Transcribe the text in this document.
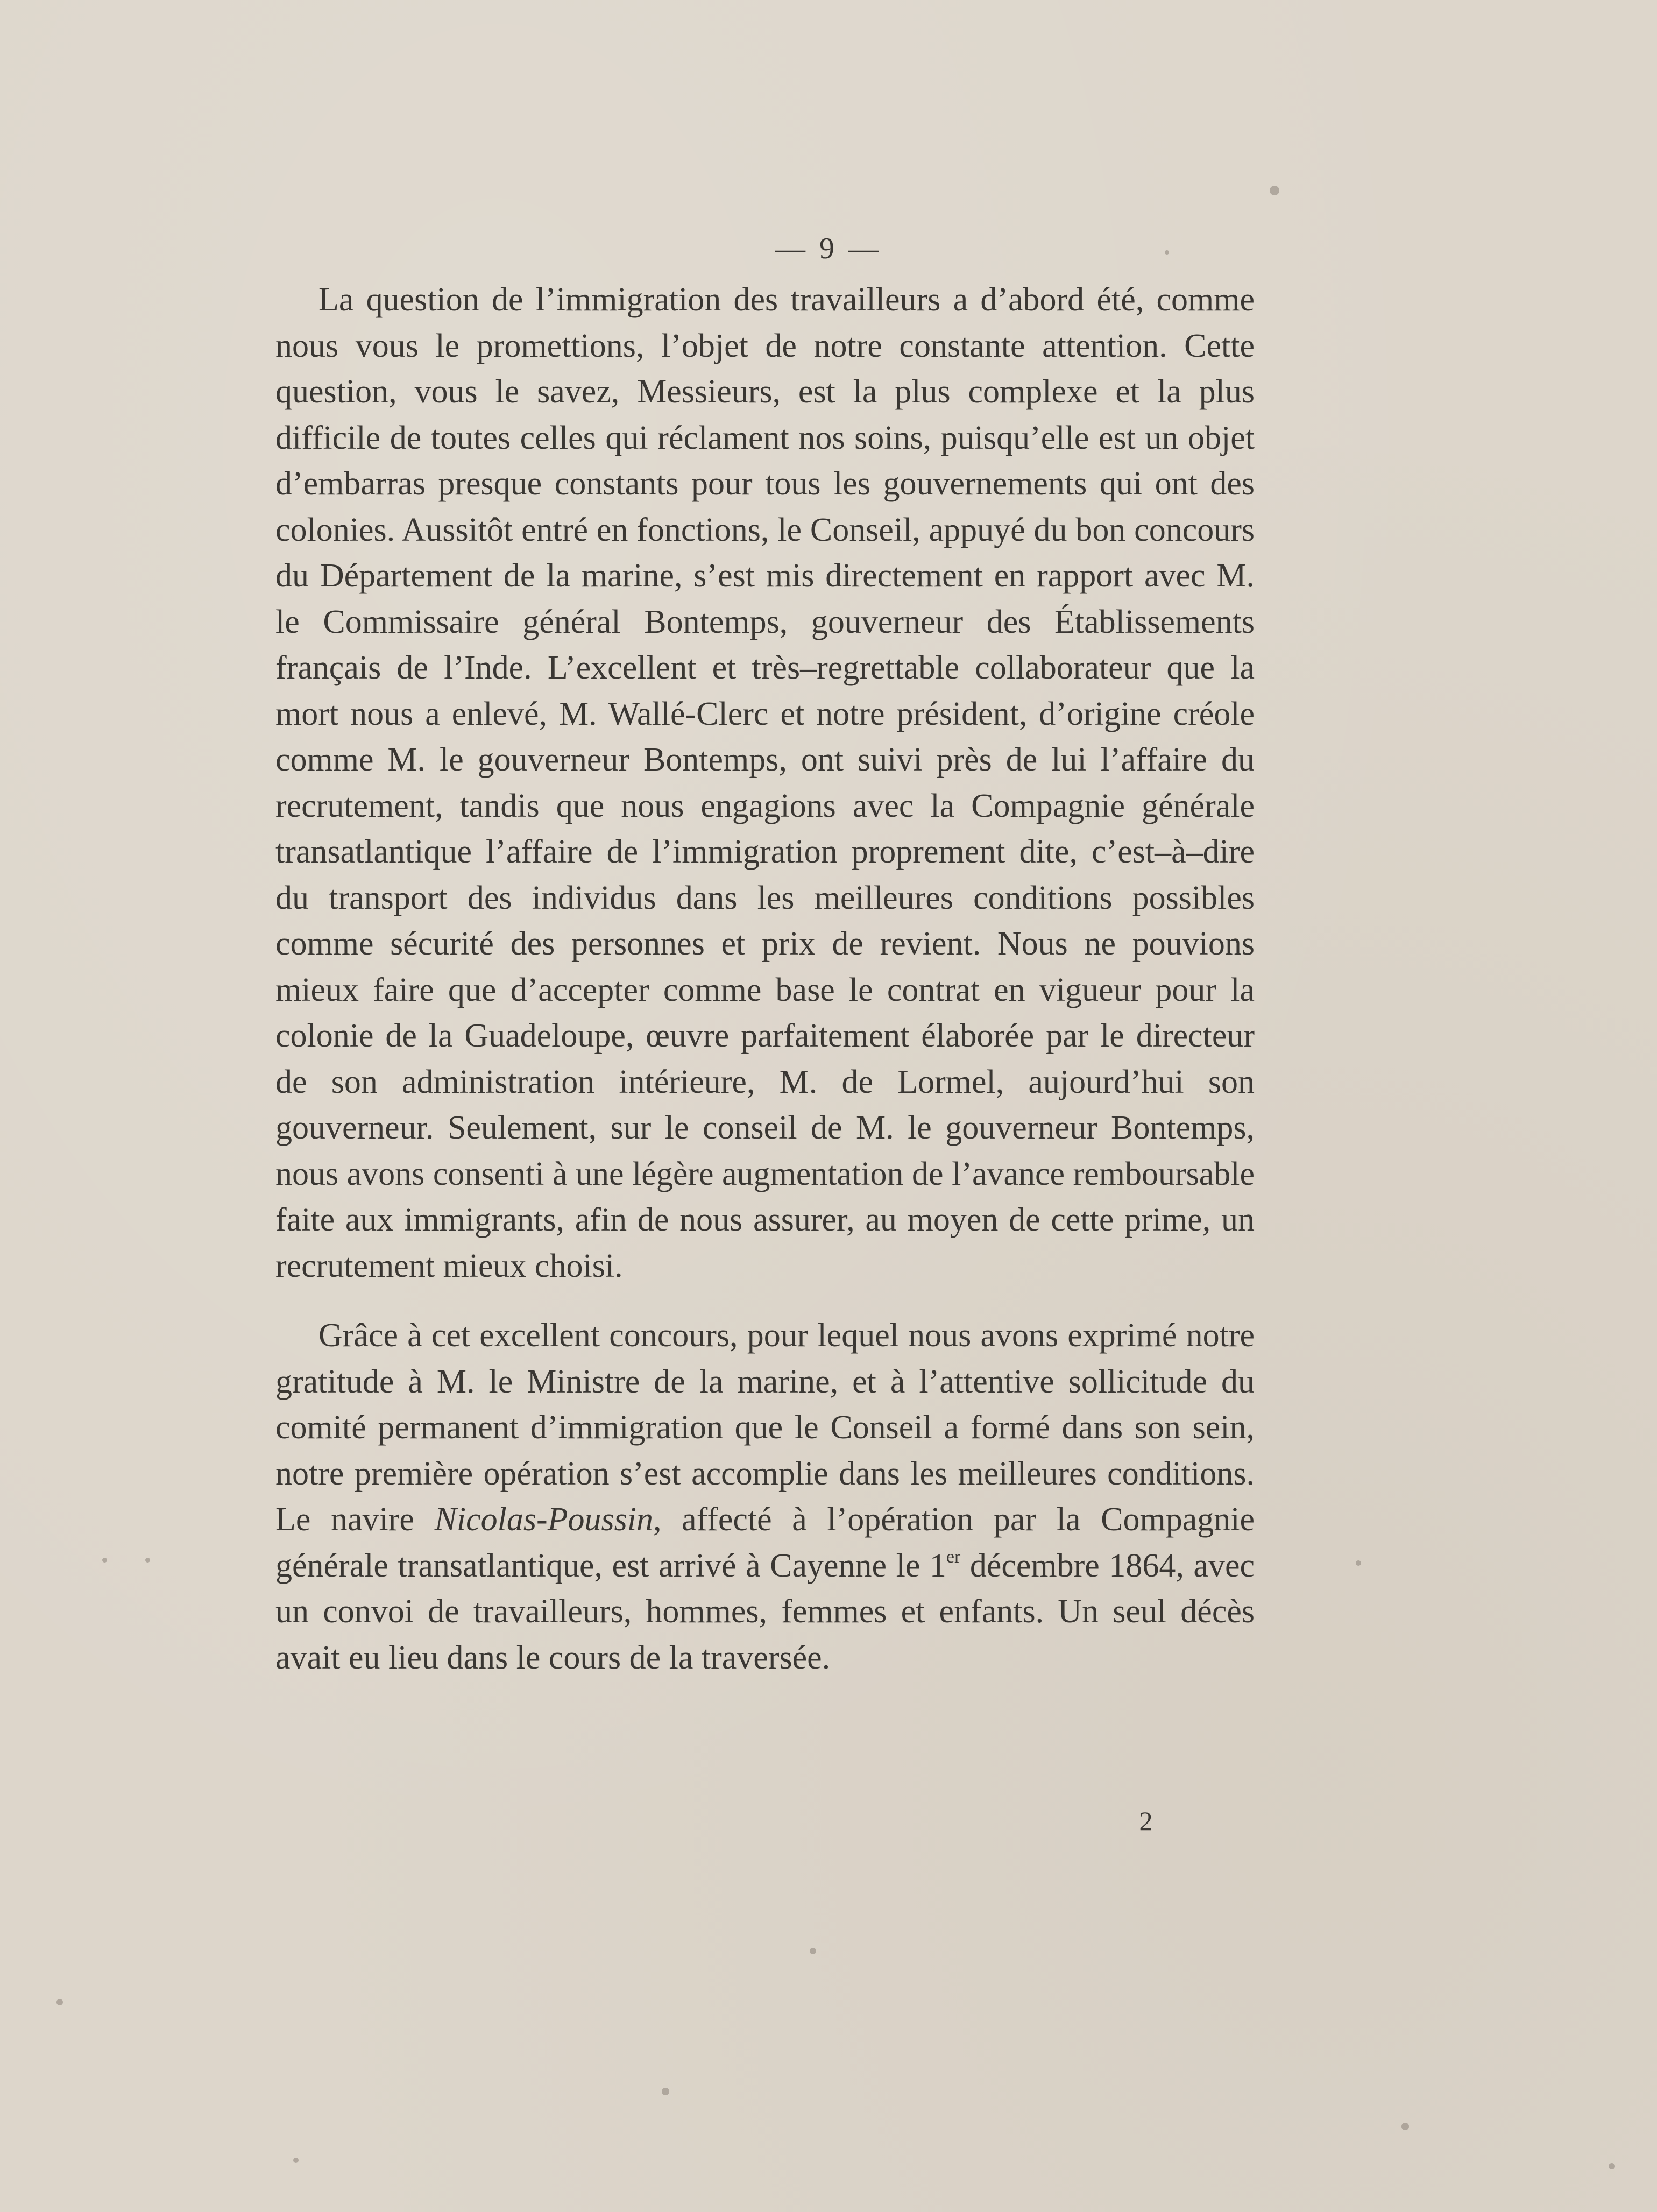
— 9 —

La question de l’immigration des travailleurs a d’abord été, comme nous vous le promettions, l’objet de notre constante attention. Cette question, vous le savez, Messieurs, est la plus complexe et la plus difficile de toutes celles qui réclament nos soins, puisqu’elle est un objet d’embarras presque constants pour tous les gouvernements qui ont des colonies. Aussitôt entré en fonctions, le Conseil, appuyé du bon concours du Département de la marine, s’est mis directement en rapport avec M. le Commissaire général Bontemps, gouverneur des Établissements français de l’Inde. L’excellent et très–regrettable collaborateur que la mort nous a enlevé, M. Wallé-Clerc et notre président, d’origine créole comme M. le gouverneur Bontemps, ont suivi près de lui l’affaire du recrutement, tandis que nous engagions avec la Compagnie générale transatlantique l’affaire de l’immigration proprement dite, c’est–à–dire du transport des individus dans les meilleures conditions possibles comme sécurité des personnes et prix de revient. Nous ne pouvions mieux faire que d’accepter comme base le contrat en vigueur pour la colonie de la Guadeloupe, œuvre parfaitement élaborée par le directeur de son administration intérieure, M. de Lormel, aujourd’hui son gouverneur. Seulement, sur le conseil de M. le gouverneur Bontemps, nous avons consenti à une légère augmentation de l’avance remboursable faite aux immigrants, afin de nous assurer, au moyen de cette prime, un recrutement mieux choisi.

Grâce à cet excellent concours, pour lequel nous avons exprimé notre gratitude à M. le Ministre de la marine, et à l’attentive sollicitude du comité permanent d’immigration que le Conseil a formé dans son sein, notre première opération s’est accomplie dans les meilleures conditions. Le navire Nicolas-Poussin, affecté à l’opération par la Compagnie générale transatlantique, est arrivé à Cayenne le 1er décembre 1864, avec un convoi de travailleurs, hommes, femmes et enfants. Un seul décès avait eu lieu dans le cours de la traversée.

2
